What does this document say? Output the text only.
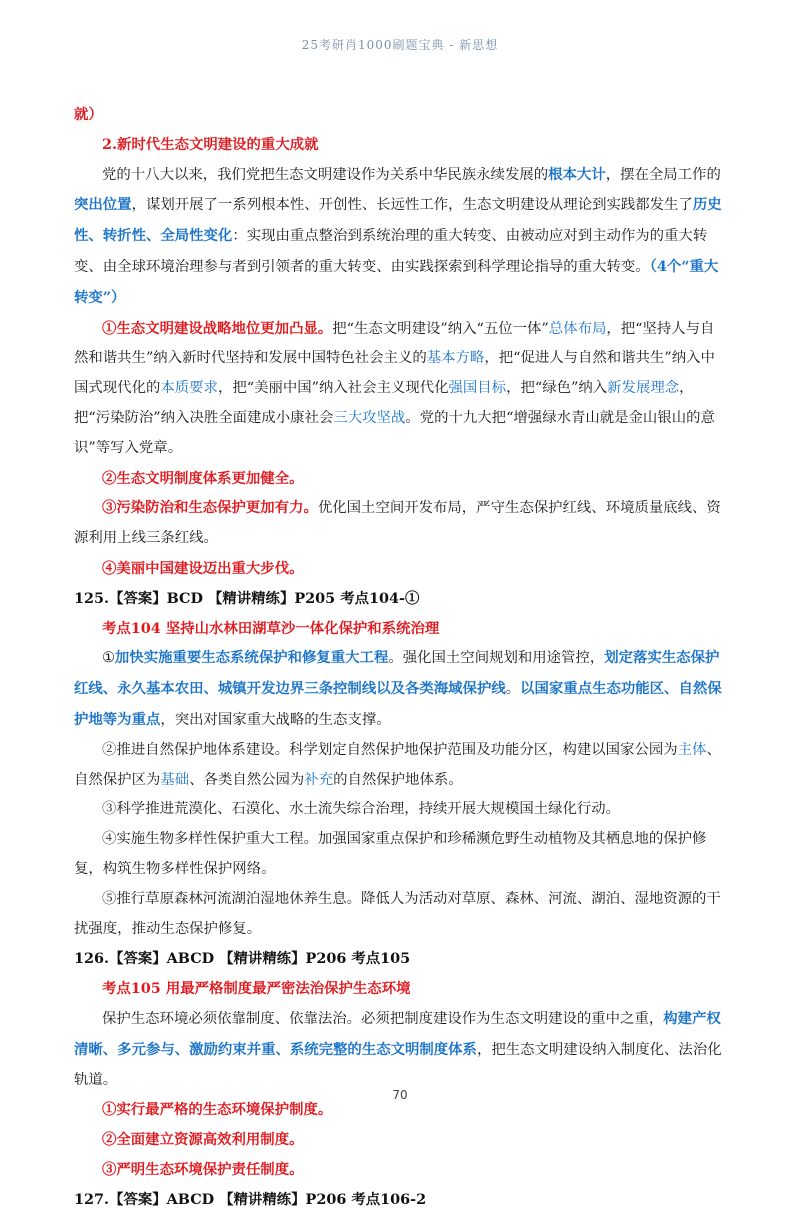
25考研肖1000刷题宝典 - 新思想

就）

2.新时代生态文明建设的重大成就

党的十八大以来，我们党把生态文明建设作为关系中华民族永续发展的根本大计，摆在全局工作的突出位置，谋划开展了一系列根本性、开创性、长远性工作，生态文明建设从理论到实践都发生了历史性、转折性、全局性变化：实现由重点整治到系统治理的重大转变、由被动应对到主动作为的重大转变、由全球环境治理参与者到引领者的重大转变、由实践探索到科学理论指导的重大转变。（4个“重大转变”）

①生态文明建设战略地位更加凸显。把“生态文明建设”纳入“五位一体”总体布局，把“坚持人与自然和谐共生”纳入新时代坚持和发展中国特色社会主义的基本方略，把“促进人与自然和谐共生”纳入中国式现代化的本质要求，把“美丽中国”纳入社会主义现代化强国目标，把“绿色”纳入新发展理念，把“污染防治”纳入决胜全面建成小康社会三大攻坚战。党的十九大把“增强绿水青山就是金山银山的意识”等写入党章。

②生态文明制度体系更加健全。

③污染防治和生态保护更加有力。优化国土空间开发布局，严守生态保护红线、环境质量底线、资源利用上线三条红线。

④美丽中国建设迈出重大步伐。

125.【答案】BCD 【精讲精练】P205 考点104-①

考点104 坚持山水林田湖草沙一体化保护和系统治理

①加快实施重要生态系统保护和修复重大工程。强化国土空间规划和用途管控，划定落实生态保护红线、永久基本农田、城镇开发边界三条控制线以及各类海域保护线。以国家重点生态功能区、自然保护地等为重点，突出对国家重大战略的生态支撑。

②推进自然保护地体系建设。科学划定自然保护地保护范围及功能分区，构建以国家公园为主体、自然保护区为基础、各类自然公园为补充的自然保护地体系。

③科学推进荒漠化、石漠化、水土流失综合治理，持续开展大规模国土绿化行动。

④实施生物多样性保护重大工程。加强国家重点保护和珍稀濒危野生动植物及其栖息地的保护修复，构筑生物多样性保护网络。

⑤推行草原森林河流湖泊湿地休养生息。降低人为活动对草原、森林、河流、湖泊、湿地资源的干扰强度，推动生态保护修复。

126.【答案】ABCD 【精讲精练】P206 考点105

考点105 用最严格制度最严密法治保护生态环境

保护生态环境必须依靠制度、依靠法治。必须把制度建设作为生态文明建设的重中之重，构建产权清晰、多元参与、激励约束并重、系统完整的生态文明制度体系，把生态文明建设纳入制度化、法治化轨道。

①实行最严格的生态环境保护制度。

②全面建立资源高效利用制度。

③严明生态环境保护责任制度。

127.【答案】ABCD 【精讲精练】P206 考点106-2

70
